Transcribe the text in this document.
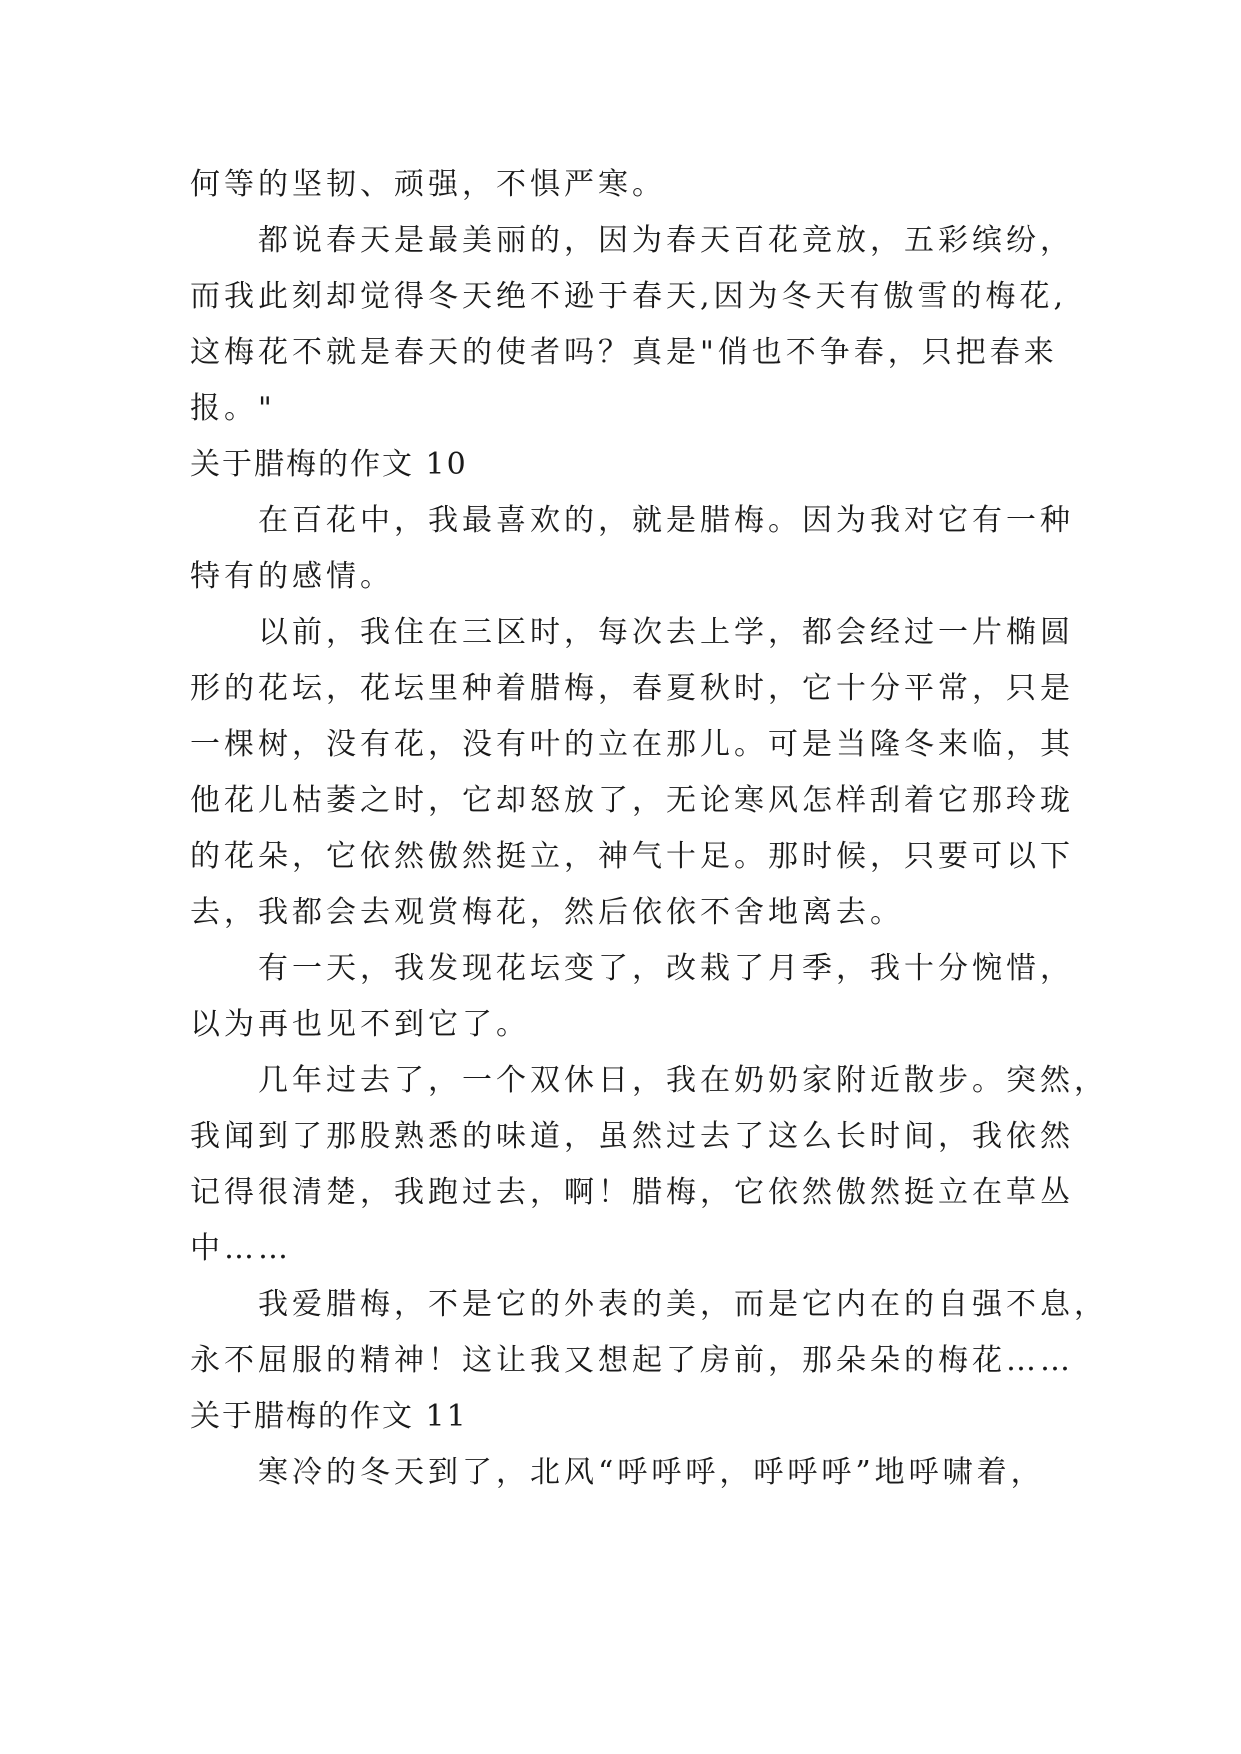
何等的坚韧、顽强，不惧严寒。
都说春天是最美丽的，因为春天百花竞放，五彩缤纷，
而我此刻却觉得冬天绝不逊于春天,因为冬天有傲雪的梅花,
这梅花不就是春天的使者吗？真是"俏也不争春，只把春来
报。"
关于腊梅的作文 10
在百花中，我最喜欢的，就是腊梅。因为我对它有一种
特有的感情。
以前，我住在三区时，每次去上学，都会经过一片椭圆
形的花坛，花坛里种着腊梅，春夏秋时，它十分平常，只是
一棵树，没有花，没有叶的立在那儿。可是当隆冬来临，其
他花儿枯萎之时，它却怒放了，无论寒风怎样刮着它那玲珑
的花朵，它依然傲然挺立，神气十足。那时候，只要可以下
去，我都会去观赏梅花，然后依依不舍地离去。
有一天，我发现花坛变了，改栽了月季，我十分惋惜，
以为再也见不到它了。
几年过去了，一个双休日，我在奶奶家附近散步。突然，
我闻到了那股熟悉的味道，虽然过去了这么长时间，我依然
记得很清楚，我跑过去，啊！腊梅，它依然傲然挺立在草丛
中……
我爱腊梅，不是它的外表的美，而是它内在的自强不息，
永不屈服的精神！这让我又想起了房前，那朵朵的梅花……
关于腊梅的作文 11
寒冷的冬天到了，北风“呼呼呼，呼呼呼”地呼啸着，
